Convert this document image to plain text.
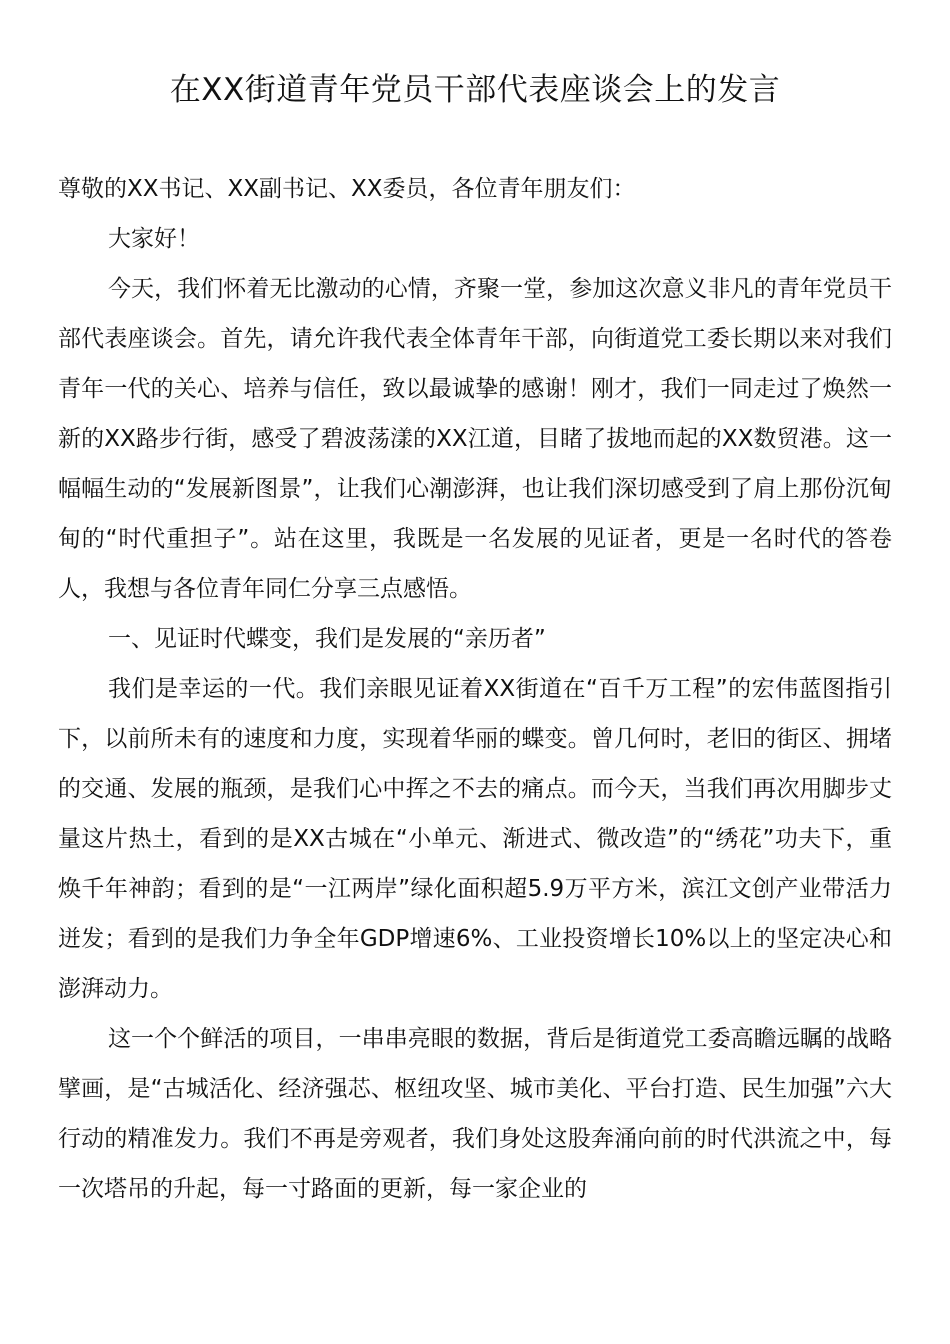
在XX街道青年党员干部代表座谈会上的发言

尊敬的XX书记、XX副书记、XX委员，各位青年朋友们：

大家好！

今天，我们怀着无比激动的心情，齐聚一堂，参加这次意义非凡的青年党员干部代表座谈会。首先，请允许我代表全体青年干部，向街道党工委长期以来对我们青年一代的关心、培养与信任，致以最诚挚的感谢！刚才，我们一同走过了焕然一新的XX路步行街，感受了碧波荡漾的XX江道，目睹了拔地而起的XX数贸港。这一幅幅生动的“发展新图景”，让我们心潮澎湃，也让我们深切感受到了肩上那份沉甸甸的“时代重担子”。站在这里，我既是一名发展的见证者，更是一名时代的答卷人，我想与各位青年同仁分享三点感悟。

一、见证时代蝶变，我们是发展的“亲历者”

我们是幸运的一代。我们亲眼见证着XX街道在“百千万工程”的宏伟蓝图指引下，以前所未有的速度和力度，实现着华丽的蝶变。曾几何时，老旧的街区、拥堵的交通、发展的瓶颈，是我们心中挥之不去的痛点。而今天，当我们再次用脚步丈量这片热土，看到的是XX古城在“小单元、渐进式、微改造”的“绣花”功夫下，重焕千年神韵；看到的是“一江两岸”绿化面积超5.9万平方米，滨江文创产业带活力迸发；看到的是我们力争全年GDP增速6%、工业投资增长10%以上的坚定决心和澎湃动力。

这一个个鲜活的项目，一串串亮眼的数据，背后是街道党工委高瞻远瞩的战略擘画，是“古城活化、经济强芯、枢纽攻坚、城市美化、平台打造、民生加强”六大行动的精准发力。我们不再是旁观者，我们身处这股奔涌向前的时代洪流之中，每一次塔吊的升起，每一寸路面的更新，每一家企业的
